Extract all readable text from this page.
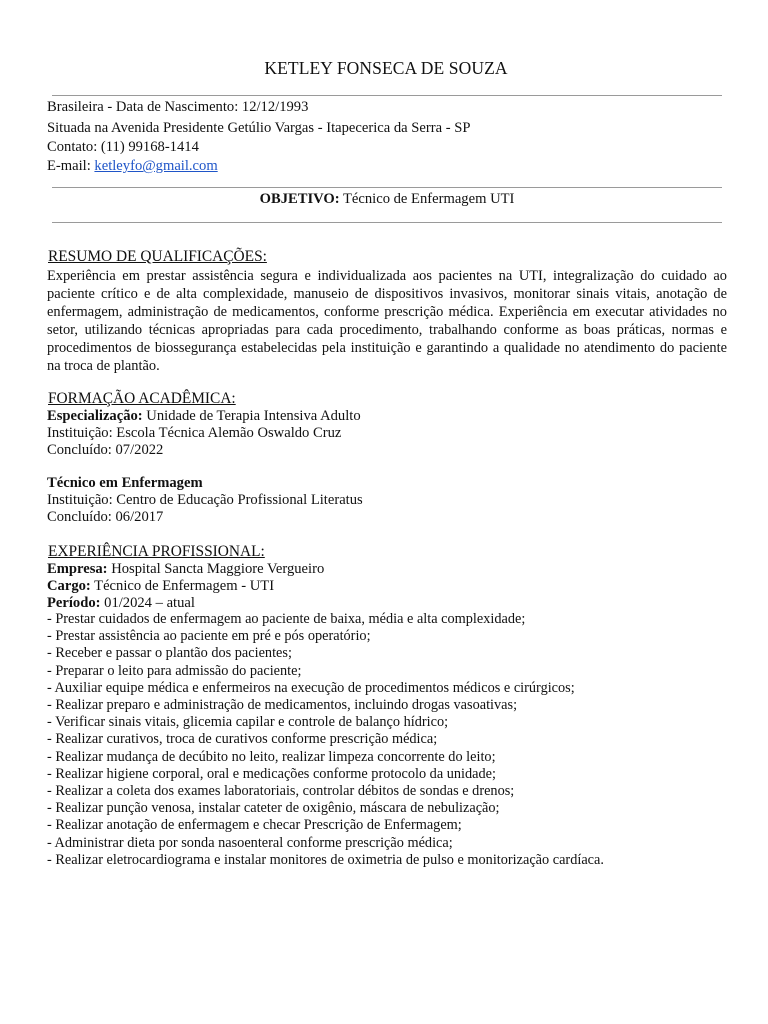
KETLEY FONSECA DE SOUZA
Brasileira - Data de Nascimento: 12/12/1993
Situada na Avenida Presidente Getúlio Vargas - Itapecerica da Serra - SP
Contato: (11) 99168-1414
E-mail: ketleyfo@gmail.com
OBJETIVO: Técnico de Enfermagem UTI
RESUMO DE QUALIFICAÇÕES:
Experiência em prestar assistência segura e individualizada aos pacientes na UTI, integralização do cuidado ao paciente crítico e de alta complexidade, manuseio de dispositivos invasivos, monitorar sinais vitais, anotação de enfermagem, administração de medicamentos, conforme prescrição médica. Experiência em executar atividades no setor, utilizando técnicas apropriadas para cada procedimento, trabalhando conforme as boas práticas, normas e procedimentos de biossegurança estabelecidas pela instituição e garantindo a qualidade no atendimento do paciente na troca de plantão.
FORMAÇÃO ACADÊMICA:
Especialização: Unidade de Terapia Intensiva Adulto
Instituição: Escola Técnica Alemão Oswaldo Cruz
Concluído: 07/2022
Técnico em Enfermagem
Instituição: Centro de Educação Profissional Literatus
Concluído: 06/2017
EXPERIÊNCIA PROFISSIONAL:
Empresa: Hospital Sancta Maggiore Vergueiro
Cargo: Técnico de Enfermagem - UTI
Período: 01/2024 – atual
- Prestar cuidados de enfermagem ao paciente de baixa, média e alta complexidade;
- Prestar assistência ao paciente em pré e pós operatório;
- Receber e passar o plantão dos pacientes;
- Preparar o leito para admissão do paciente;
- Auxiliar equipe médica e enfermeiros na execução de procedimentos médicos e cirúrgicos;
- Realizar preparo e administração de medicamentos, incluindo drogas vasoativas;
- Verificar sinais vitais, glicemia capilar e controle de balanço hídrico;
- Realizar curativos, troca de curativos conforme prescrição médica;
- Realizar mudança de decúbito no leito, realizar limpeza concorrente do leito;
- Realizar higiene corporal, oral e medicações conforme protocolo da unidade;
- Realizar a coleta dos exames laboratoriais, controlar débitos de sondas e drenos;
- Realizar punção venosa, instalar cateter de oxigênio, máscara de nebulização;
- Realizar anotação de enfermagem e checar Prescrição de Enfermagem;
- Administrar dieta por sonda nasoenteral conforme prescrição médica;
- Realizar eletrocardiograma e instalar monitores de oximetria de pulso e monitorização cardíaca.
